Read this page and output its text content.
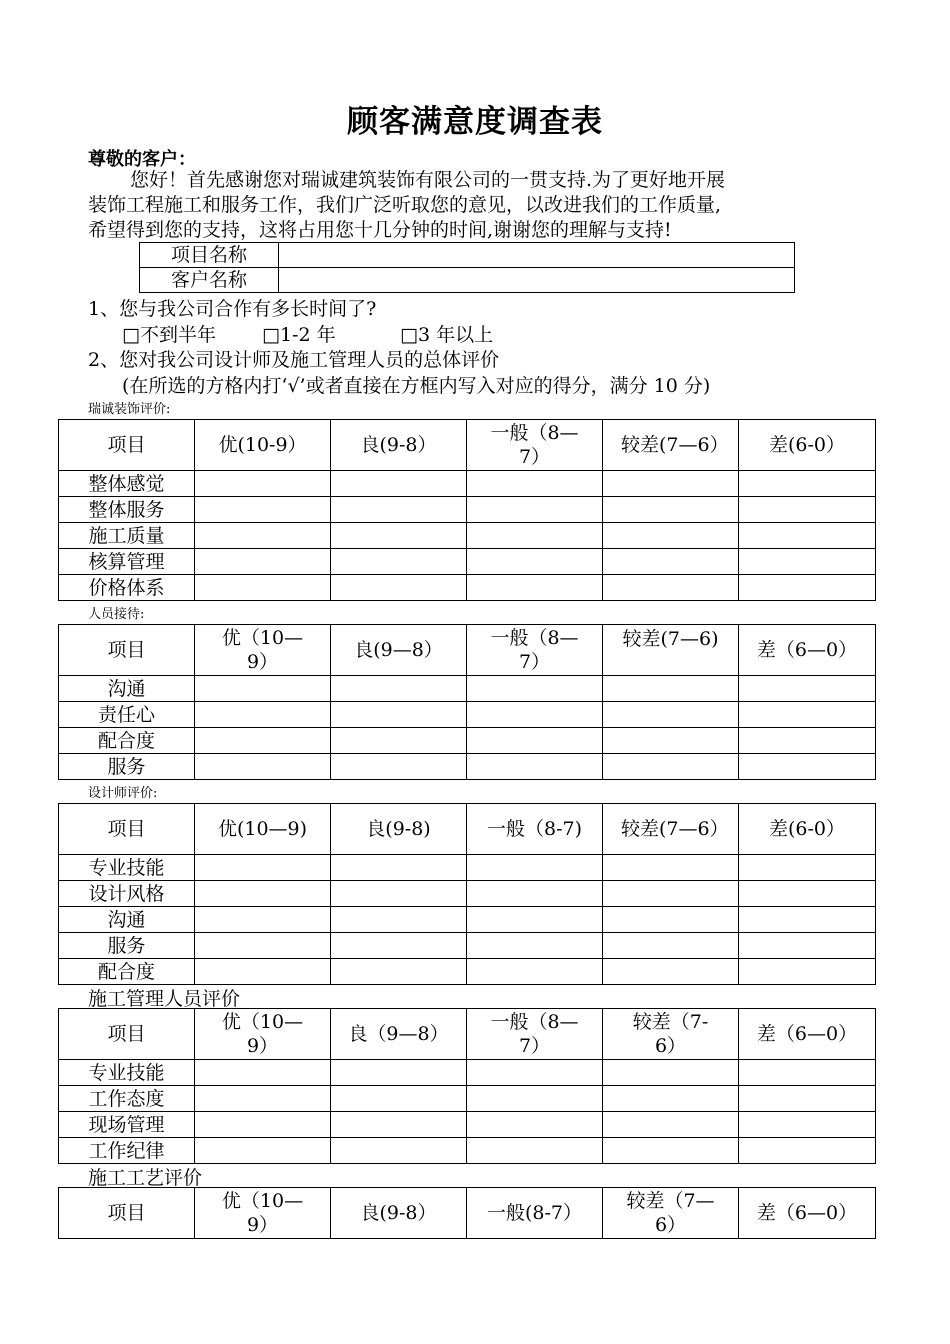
顾客满意度调查表
尊敬的客户：
您好！首先感谢您对瑞诚建筑装饰有限公司的一贯支持.为了更好地开展
装饰工程施工和服务工作，我们广泛听取您的意见，以改进我们的工作质量,
希望得到您的支持，这将占用您十几分钟的时间,谢谢您的理解与支持!
项目名称	
客户名称	
1、您与我公司合作有多长时间了?
□不到半年 □1-2 年	□3 年以上
2、您对我公司设计师及施工管理人员的总体评价
(在所选的方格内打‘√’或者直接在方框内写入对应的得分，满分 10 分)
瑞诚装饰评价:
项目	优(10-9）	良(9-8）	一般（8—7）	较差(7—6）	差(6-0）
整体感觉					
整体服务					
施工质量					
核算管理					
价格体系					
人员接待:
项目	优（10—9）	良(9—8）	一般（8—7）	较差(7—6)	差（6—0）
沟通					
责任心					
配合度					
服务					
设计师评价:
项目	优(10—9)	良(9-8)	一般（8-7)	较差(7—6）	差(6-0）
专业技能					
设计风格					
沟通					
服务					
配合度					
施工管理人员评价
项目	优（10—9）	良（9—8）	一般（8—7）	较差（7-6）	差（6—0）
专业技能					
工作态度					
现场管理					
工作纪律					
施工工艺评价
项目	优（10—9）	良(9-8）	一般(8-7）	较差（7—6）	差（6—0）
